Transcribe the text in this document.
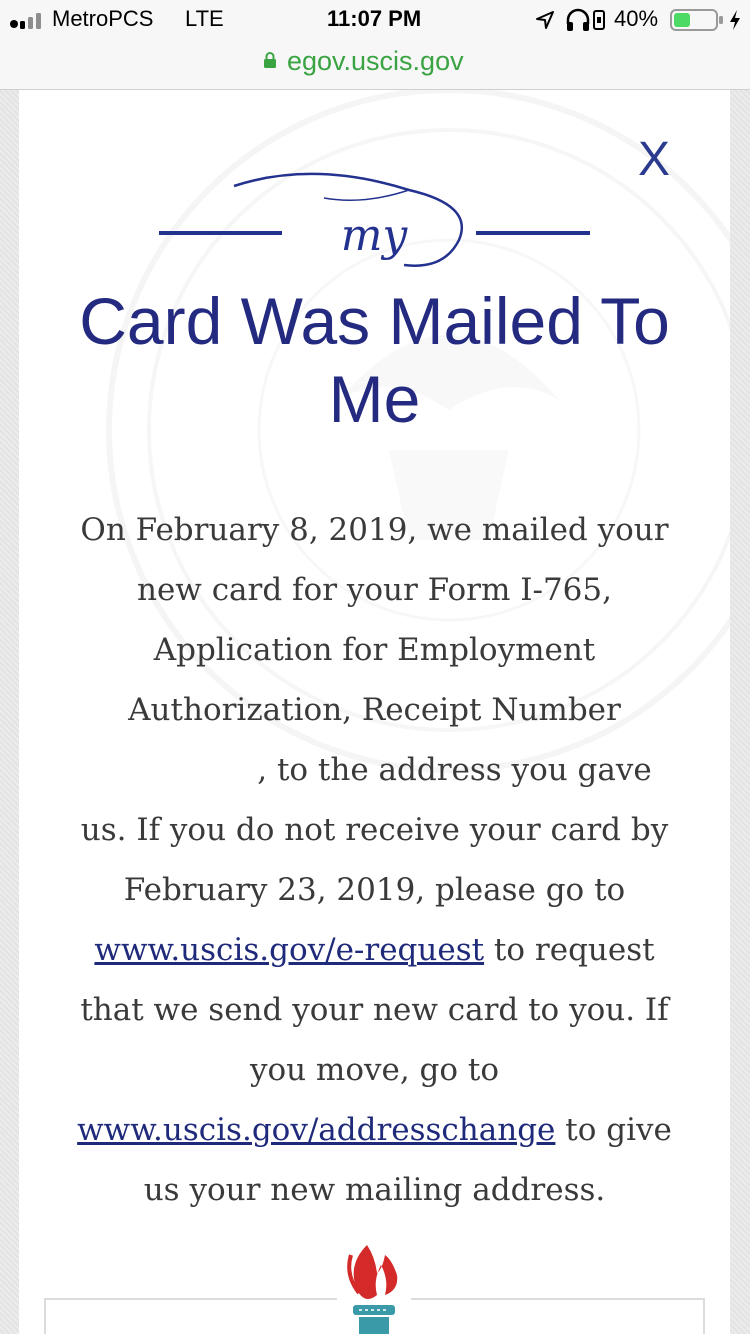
MetroPCS LTE	11:07 PM	40%
egov.uscis.gov
X
my
Card Was Mailed To Me
On February 8, 2019, we mailed your new card for your Form I-765, Application for Employment Authorization, Receipt Number , to the address you gave us. If you do not receive your card by February 23, 2019, please go to www.uscis.gov/e-request to request that we send your new card to you. If you move, go to www.uscis.gov/addresschange to give us your new mailing address.
